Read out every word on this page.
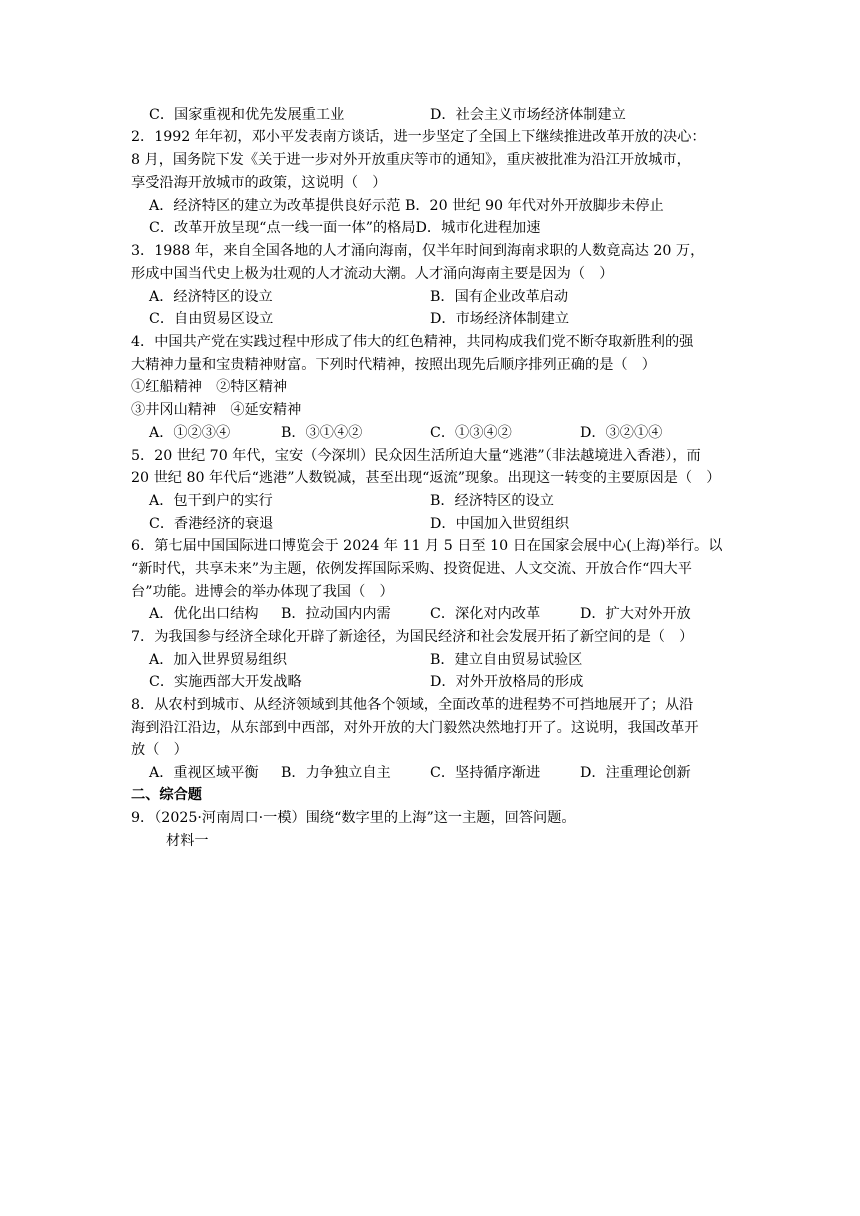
C．国家重视和优先发展重工业	D．社会主义市场经济体制建立
2．1992 年年初，邓小平发表南方谈话，进一步坚定了全国上下继续推进改革开放的决心：
8 月，国务院下发《关于进一步对外开放重庆等市的通知》，重庆被批准为沿江开放城市，
享受沿海开放城市的政策，这说明（　）
A．经济特区的建立为改革提供良好示范 B．20 世纪 90 年代对外开放脚步未停止
C．改革开放呈现“点一线一面一体”的格局D．城市化进程加速
3．1988 年，来自全国各地的人才涌向海南，仅半年时间到海南求职的人数竟高达 20 万，
形成中国当代史上极为壮观的人才流动大潮。人才涌向海南主要是因为（　）
A．经济特区的设立	B．国有企业改革启动
C．自由贸易区设立	D．市场经济体制建立
4．中国共产党在实践过程中形成了伟大的红色精神，共同构成我们党不断夺取新胜利的强
大精神力量和宝贵精神财富。下列时代精神，按照出现先后顺序排列正确的是（　）
①红船精神　②特区精神
③井冈山精神　④延安精神
A．①②③④	B．③①④②	C．①③④②	D．③②①④
5．20 世纪 70 年代，宝安（今深圳）民众因生活所迫大量“逃港”（非法越境进入香港），而
20 世纪 80 年代后“逃港”人数锐减，甚至出现“返流”现象。出现这一转变的主要原因是（　）
A．包干到户的实行	B．经济特区的设立
C．香港经济的衰退	D．中国加入世贸组织
6．第七届中国国际进口博览会于 2024 年 11 月 5 日至 10 日在国家会展中心(上海)举行。以
“新时代，共享未来”为主题，依例发挥国际采购、投资促进、人文交流、开放合作“四大平
台”功能。进博会的举办体现了我国（　）
A．优化出口结构 B．拉动国内内需	C．深化对内改革	D．扩大对外开放
7．为我国参与经济全球化开辟了新途径，为国民经济和社会发展开拓了新空间的是（　）
A．加入世界贸易组织	B．建立自由贸易试验区
C．实施西部大开发战略	D．对外开放格局的形成
8．从农村到城市、从经济领域到其他各个领域，全面改革的进程势不可挡地展开了；从沿
海到沿江沿边，从东部到中西部，对外开放的大门毅然决然地打开了。这说明，我国改革开
放（　）
A．重视区域平衡 B．力争独立自主	C．坚持循序渐进	D．注重理论创新
二、综合题
9．（2025·河南周口·一模）围绕“数字里的上海”这一主题，回答问题。
材料一
